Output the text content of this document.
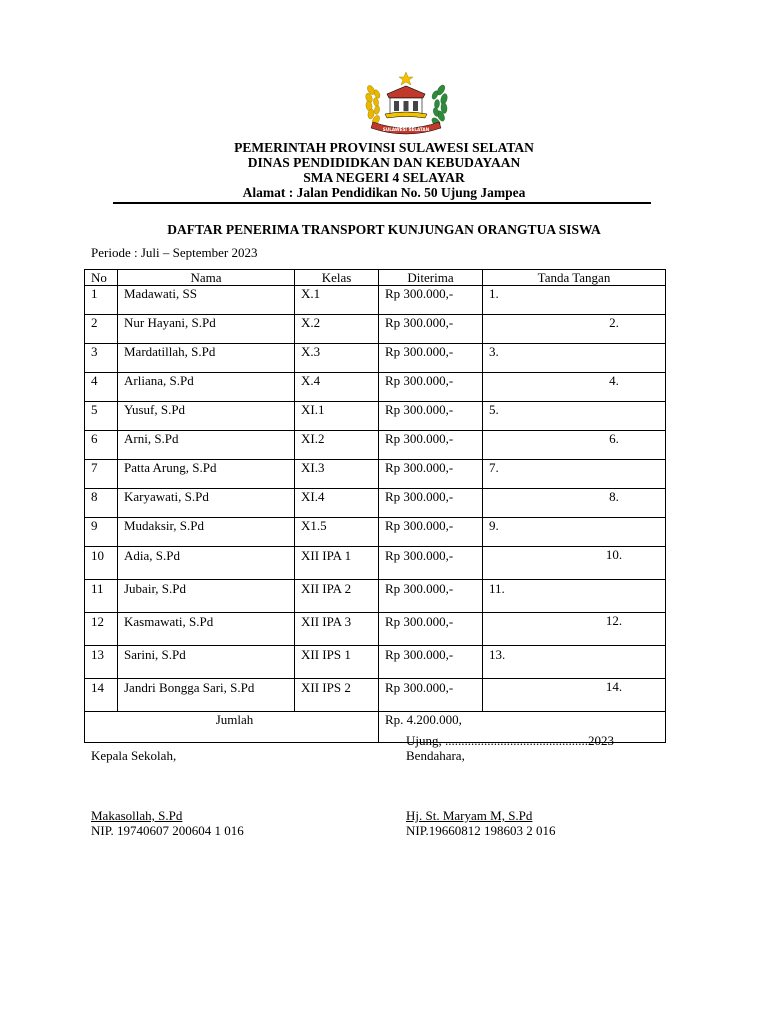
SULAWESI SELATAN
PEMERINTAH PROVINSI SULAWESI SELATAN
DINAS PENDIDIDKAN DAN KEBUDAYAAN
SMA NEGERI 4 SELAYAR
Alamat : Jalan Pendidikan No. 50 Ujung Jampea
DAFTAR PENERIMA TRANSPORT KUNJUNGAN ORANGTUA SISWA
Periode : Juli – September 2023
No	Nama	Kelas	Diterima	Tanda Tangan
1	Madawati, SS	X.1	Rp 300.000,-	1.
2	Nur Hayani, S.Pd	X.2	Rp 300.000,-	2.
3	Mardatillah, S.Pd	X.3	Rp 300.000,-	3.
4	Arliana, S.Pd	X.4	Rp 300.000,-	4.
5	Yusuf, S.Pd	XI.1	Rp 300.000,-	5.
6	Arni, S.Pd	XI.2	Rp 300.000,-	6.
7	Patta Arung, S.Pd	XI.3	Rp 300.000,-	7.
8	Karyawati, S.Pd	XI.4	Rp 300.000,-	8.
9	Mudaksir, S.Pd	X1.5	Rp 300.000,-	9.
10	Adia, S.Pd	XII IPA 1	Rp 300.000,-	10.
11	Jubair, S.Pd	XII IPA 2	Rp 300.000,-	11.
12	Kasmawati, S.Pd	XII IPA 3	Rp 300.000,-	12.
13	Sarini, S.Pd	XII IPS 1	Rp 300.000,-	13.
14	Jandri Bongga Sari, S.Pd	XII IPS 2	Rp 300.000,-	14.
Jumlah			Rp. 4.200.000,	
Ujung, ............................................2023
Kepala Sekolah,	Bendahara,
Makasollah, S.Pd
NIP. 19740607 200604 1 016
Hj. St. Maryam M, S.Pd
NIP.19660812 198603 2 016
